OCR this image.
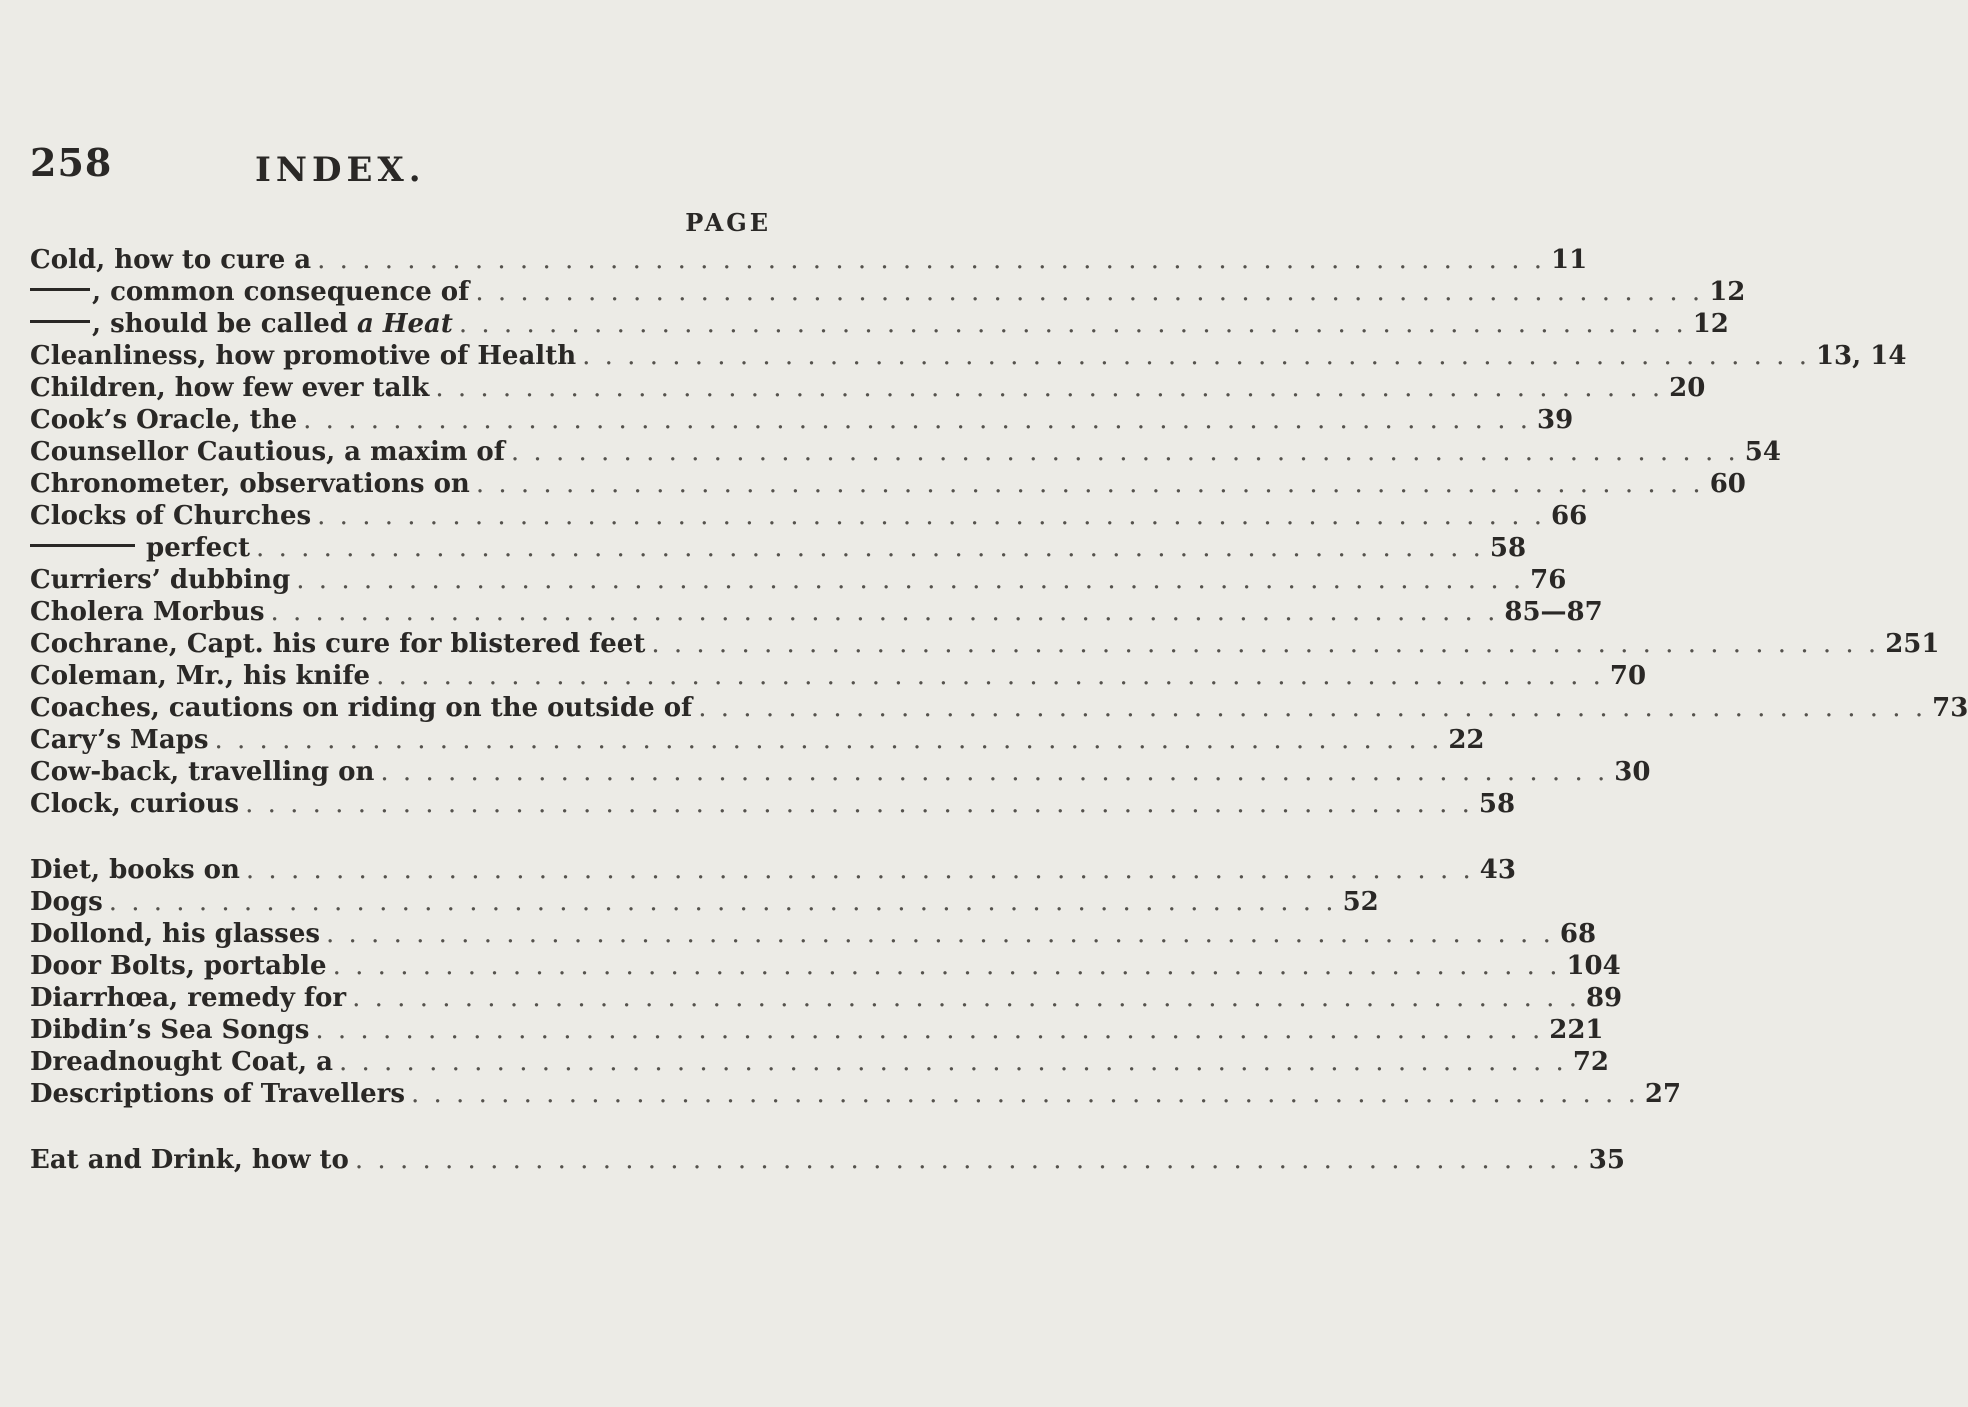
258	INDEX.
PAGE
Cold, how to cure a . . . . . . . . . . . . . . . . . . . . . . . . . . . . . . . . . . . . . . . . . . . . . . . . . . . . . . . 11
, common consequence of . . . . . . . . . . . . . . . . . . . . . . . . . . . . . . . . . . . . . . . . . . . . . . . . . . . . . . . 12
, should be called a Heat . . . . . . . . . . . . . . . . . . . . . . . . . . . . . . . . . . . . . . . . . . . . . . . . . . . . . . . 12
Cleanliness, how promotive of Health . . . . . . . . . . . . . . . . . . . . . . . . . . . . . . . . . . . . . . . . . . . . . . . . . . . . . . . 13, 14
Children, how few ever talk . . . . . . . . . . . . . . . . . . . . . . . . . . . . . . . . . . . . . . . . . . . . . . . . . . . . . . . 20
Cook’s Oracle, the . . . . . . . . . . . . . . . . . . . . . . . . . . . . . . . . . . . . . . . . . . . . . . . . . . . . . . . 39
Counsellor Cautious, a maxim of . . . . . . . . . . . . . . . . . . . . . . . . . . . . . . . . . . . . . . . . . . . . . . . . . . . . . . . 54
Chronometer, observations on . . . . . . . . . . . . . . . . . . . . . . . . . . . . . . . . . . . . . . . . . . . . . . . . . . . . . . . 60
Clocks of Churches . . . . . . . . . . . . . . . . . . . . . . . . . . . . . . . . . . . . . . . . . . . . . . . . . . . . . . . 66
perfect . . . . . . . . . . . . . . . . . . . . . . . . . . . . . . . . . . . . . . . . . . . . . . . . . . . . . . . 58
Curriers’ dubbing . . . . . . . . . . . . . . . . . . . . . . . . . . . . . . . . . . . . . . . . . . . . . . . . . . . . . . . 76
Cholera Morbus . . . . . . . . . . . . . . . . . . . . . . . . . . . . . . . . . . . . . . . . . . . . . . . . . . . . . . . 85—87
Cochrane, Capt. his cure for blistered feet . . . . . . . . . . . . . . . . . . . . . . . . . . . . . . . . . . . . . . . . . . . . . . . . . . . . . . . 251
Coleman, Mr., his knife . . . . . . . . . . . . . . . . . . . . . . . . . . . . . . . . . . . . . . . . . . . . . . . . . . . . . . . 70
Coaches, cautions on riding on the outside of . . . . . . . . . . . . . . . . . . . . . . . . . . . . . . . . . . . . . . . . . . . . . . . . . . . . . . . 73
Cary’s Maps . . . . . . . . . . . . . . . . . . . . . . . . . . . . . . . . . . . . . . . . . . . . . . . . . . . . . . . 22
Cow-back, travelling on . . . . . . . . . . . . . . . . . . . . . . . . . . . . . . . . . . . . . . . . . . . . . . . . . . . . . . . 30
Clock, curious . . . . . . . . . . . . . . . . . . . . . . . . . . . . . . . . . . . . . . . . . . . . . . . . . . . . . . . 58
Diet, books on . . . . . . . . . . . . . . . . . . . . . . . . . . . . . . . . . . . . . . . . . . . . . . . . . . . . . . . 43
Dogs . . . . . . . . . . . . . . . . . . . . . . . . . . . . . . . . . . . . . . . . . . . . . . . . . . . . . . . 52
Dollond, his glasses . . . . . . . . . . . . . . . . . . . . . . . . . . . . . . . . . . . . . . . . . . . . . . . . . . . . . . . 68
Door Bolts, portable . . . . . . . . . . . . . . . . . . . . . . . . . . . . . . . . . . . . . . . . . . . . . . . . . . . . . . . 104
Diarrhœa, remedy for . . . . . . . . . . . . . . . . . . . . . . . . . . . . . . . . . . . . . . . . . . . . . . . . . . . . . . . 89
Dibdin’s Sea Songs . . . . . . . . . . . . . . . . . . . . . . . . . . . . . . . . . . . . . . . . . . . . . . . . . . . . . . . 221
Dreadnought Coat, a . . . . . . . . . . . . . . . . . . . . . . . . . . . . . . . . . . . . . . . . . . . . . . . . . . . . . . . 72
Descriptions of Travellers . . . . . . . . . . . . . . . . . . . . . . . . . . . . . . . . . . . . . . . . . . . . . . . . . . . . . . . 27
Eat and Drink, how to . . . . . . . . . . . . . . . . . . . . . . . . . . . . . . . . . . . . . . . . . . . . . . . . . . . . . . . 35
